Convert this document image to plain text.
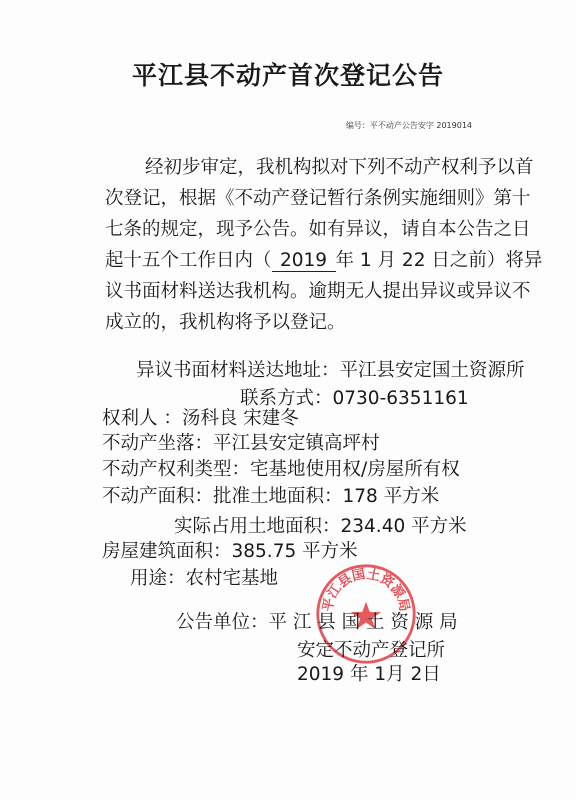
平江县不动产首次登记公告
编号：平不动产公告安字 2019014
经初步审定，我机构拟对下列不动产权利予以首
次登记，根据《不动产登记暂行条例实施细则》第十
七条的规定，现予公告。如有异议，请自本公告之日
起十五个工作日内（ 2019 年 1 月 22 日之前）将异
议书面材料送达我机构。逾期无人提出异议或异议不
成立的，我机构将予以登记。
异议书面材料送达地址：平江县安定国土资源所
联系方式：0730-6351161
权利人 ：汤科良 宋建冬
不动产坐落：平江县安定镇高坪村
不动产权利类型：宅基地使用权/房屋所有权
不动产面积：批准土地面积：178 平方米
实际占用土地面积：234.40 平方米
房屋建筑面积：385.75 平方米
用途：农村宅基地
平江县国土资源局
公告单位：平 江 县 国 土 资 源 局
安定不动产登记所
2019 年 1月 2日
